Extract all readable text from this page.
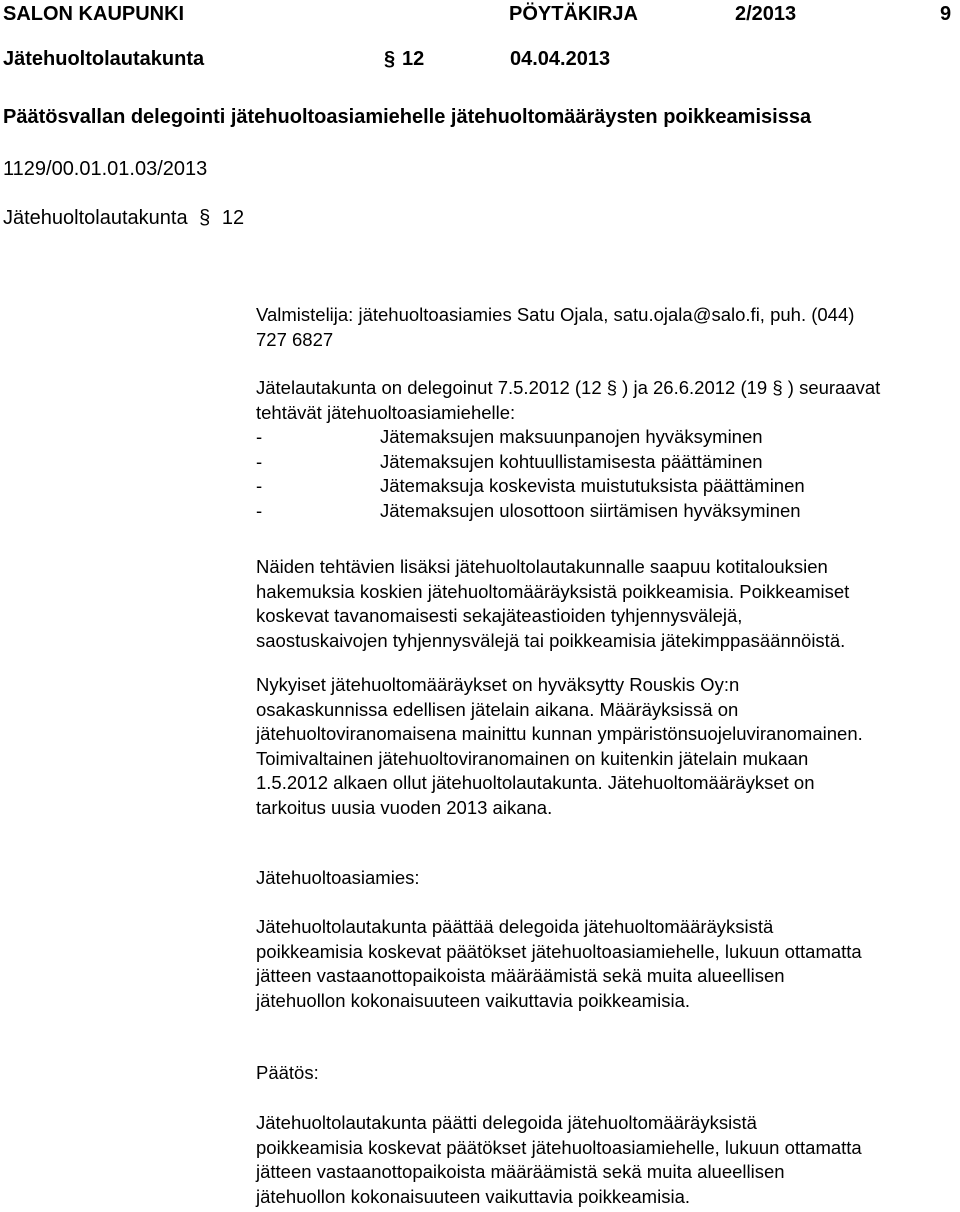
SALON KAUPUNKI	PÖYTÄKIRJA	2/2013	9
Jätehuoltolautakunta	§ 12	04.04.2013
Päätösvallan delegointi jätehuoltoasiamiehelle jätehuoltomääräysten poikkeamisissa
1129/00.01.01.03/2013
Jätehuoltolautakunta § 12
Valmistelija: jätehuoltoasiamies Satu Ojala, satu.ojala@salo.fi, puh. (044)
727 6827
Jätelautakunta on delegoinut 7.5.2012 (12 § ) ja 26.6.2012 (19 § ) seuraavat
tehtävät jätehuoltoasiamiehelle:
-	Jätemaksujen maksuunpanojen hyväksyminen
-	Jätemaksujen kohtuullistamisesta päättäminen
-	Jätemaksuja koskevista muistutuksista päättäminen
-	Jätemaksujen ulosottoon siirtämisen hyväksyminen
Näiden tehtävien lisäksi jätehuoltolautakunnalle saapuu kotitalouksien
hakemuksia koskien jätehuoltomääräyksistä poikkeamisia. Poikkeamiset
koskevat tavanomaisesti sekajäteastioiden tyhjennysvälejä,
saostuskaivojen tyhjennysvälejä tai poikkeamisia jätekimppasäännöistä.
Nykyiset jätehuoltomääräykset on hyväksytty Rouskis Oy:n
osakaskunnissa edellisen jätelain aikana. Määräyksissä on
jätehuoltoviranomaisena mainittu kunnan ympäristönsuojeluviranomainen.
Toimivaltainen jätehuoltoviranomainen on kuitenkin jätelain mukaan
1.5.2012 alkaen ollut jätehuoltolautakunta. Jätehuoltomääräykset on
tarkoitus uusia vuoden 2013 aikana.
Jätehuoltoasiamies:
Jätehuoltolautakunta päättää delegoida jätehuoltomääräyksistä
poikkeamisia koskevat päätökset jätehuoltoasiamiehelle, lukuun ottamatta
jätteen vastaanottopaikoista määräämistä sekä muita alueellisen
jätehuollon kokonaisuuteen vaikuttavia poikkeamisia.
Päätös:
Jätehuoltolautakunta päätti delegoida jätehuoltomääräyksistä
poikkeamisia koskevat päätökset jätehuoltoasiamiehelle, lukuun ottamatta
jätteen vastaanottopaikoista määräämistä sekä muita alueellisen
jätehuollon kokonaisuuteen vaikuttavia poikkeamisia.
